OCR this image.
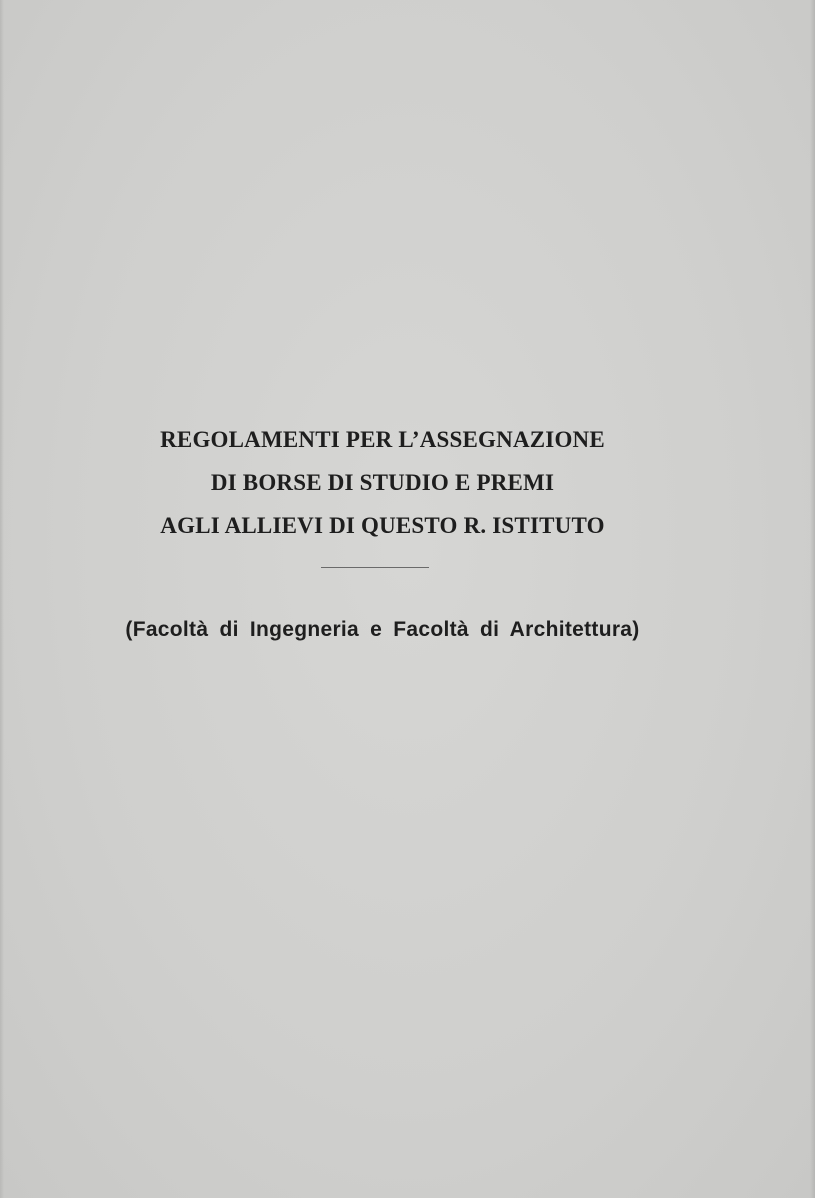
REGOLAMENTI PER L’ASSEGNAZIONE
DI BORSE DI STUDIO E PREMI
AGLI ALLIEVI DI QUESTO R. ISTITUTO
(Facoltà di Ingegneria e Facoltà di Architettura)
